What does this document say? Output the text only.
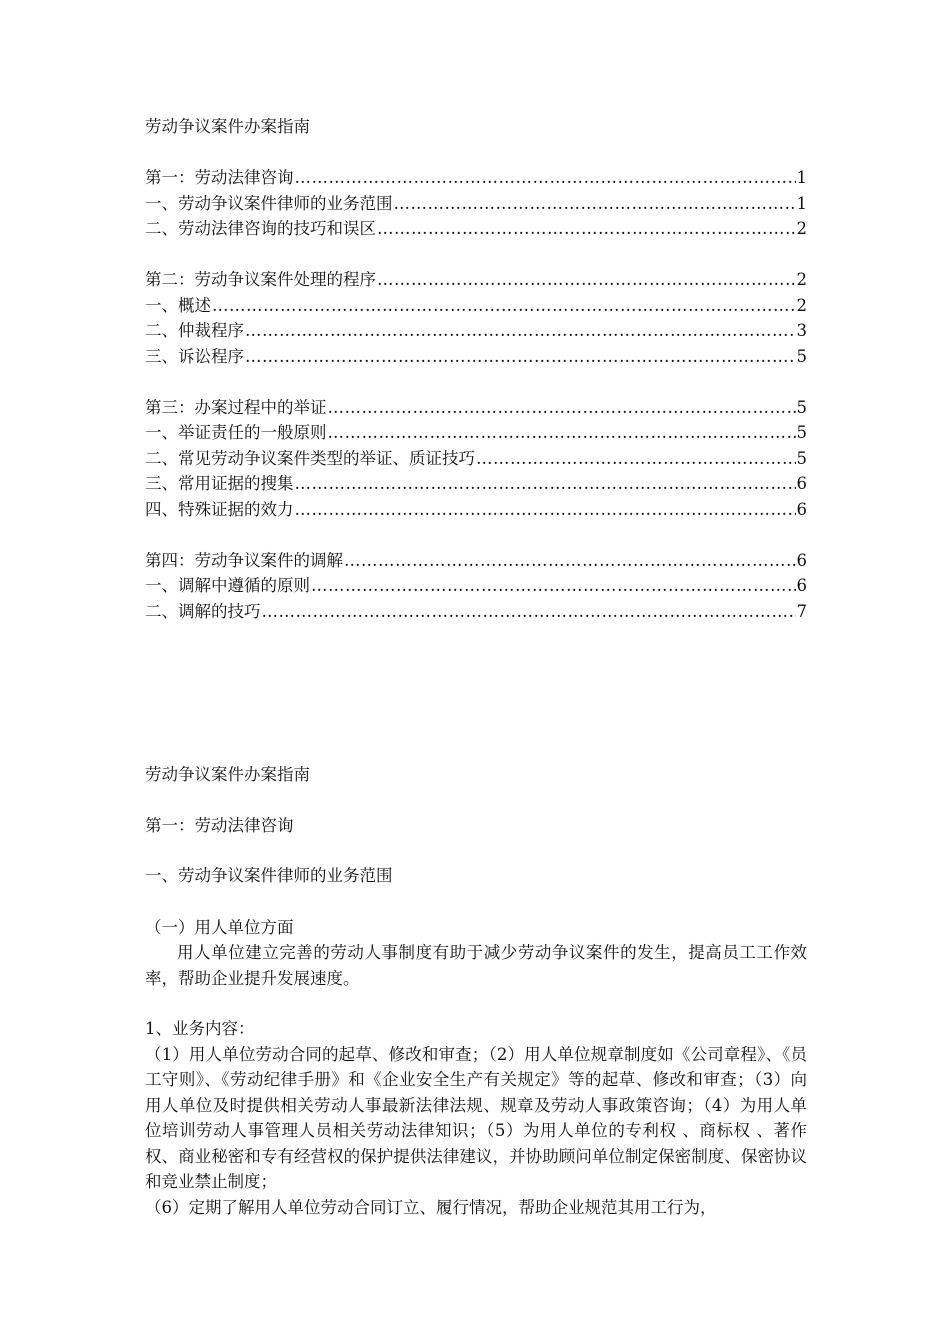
劳动争议案件办案指南
第一：劳动法律咨询 ……………………………………………………………………………………………………………………………………………………………………………………	1
一、劳动争议案件律师的业务范围 ……………………………………………………………………………………………………………………………………………………………………………………	1
二、劳动法律咨询的技巧和误区 ……………………………………………………………………………………………………………………………………………………………………………………	2
第二：劳动争议案件处理的程序 ……………………………………………………………………………………………………………………………………………………………………………………	2
一、概述 ……………………………………………………………………………………………………………………………………………………………………………………	2
二、仲裁程序 ……………………………………………………………………………………………………………………………………………………………………………………	3
三、诉讼程序 ……………………………………………………………………………………………………………………………………………………………………………………	5
第三：办案过程中的举证 ……………………………………………………………………………………………………………………………………………………………………………………	5
一、举证责任的一般原则 ……………………………………………………………………………………………………………………………………………………………………………………	5
二、常见劳动争议案件类型的举证、质证技巧 ……………………………………………………………………………………………………………………………………………………………………………………	5
三、常用证据的搜集 ……………………………………………………………………………………………………………………………………………………………………………………	6
四、特殊证据的效力 ……………………………………………………………………………………………………………………………………………………………………………………	6
第四：劳动争议案件的调解 ……………………………………………………………………………………………………………………………………………………………………………………	6
一、调解中遵循的原则 ……………………………………………………………………………………………………………………………………………………………………………………	6
二、调解的技巧 ……………………………………………………………………………………………………………………………………………………………………………………	7
劳动争议案件办案指南
第一：劳动法律咨询
一、劳动争议案件律师的业务范围
（一）用人单位方面
用人单位建立完善的劳动人事制度有助于减少劳动争议案件的发生，提高员工工作效率，帮助企业提升发展速度。
1、业务内容：
（1）用人单位劳动合同的起草、修改和审查；（2）用人单位规章制度如《公司章程》、《员工守则》、《劳动纪律手册》和《企业安全生产有关规定》等的起草、修改和审查；（3）向用人单位及时提供相关劳动人事最新法律法规、规章及劳动人事政策咨询；（4）为用人单位培训劳动人事管理人员相关劳动法律知识；（5）为用人单位的专利权 、商标权 、著作权、商业秘密和专有经营权的保护提供法律建议，并协助顾问单位制定保密制度、保密协议和竞业禁止制度；
（6）定期了解用人单位劳动合同订立、履行情况，帮助企业规范其用工行为，
